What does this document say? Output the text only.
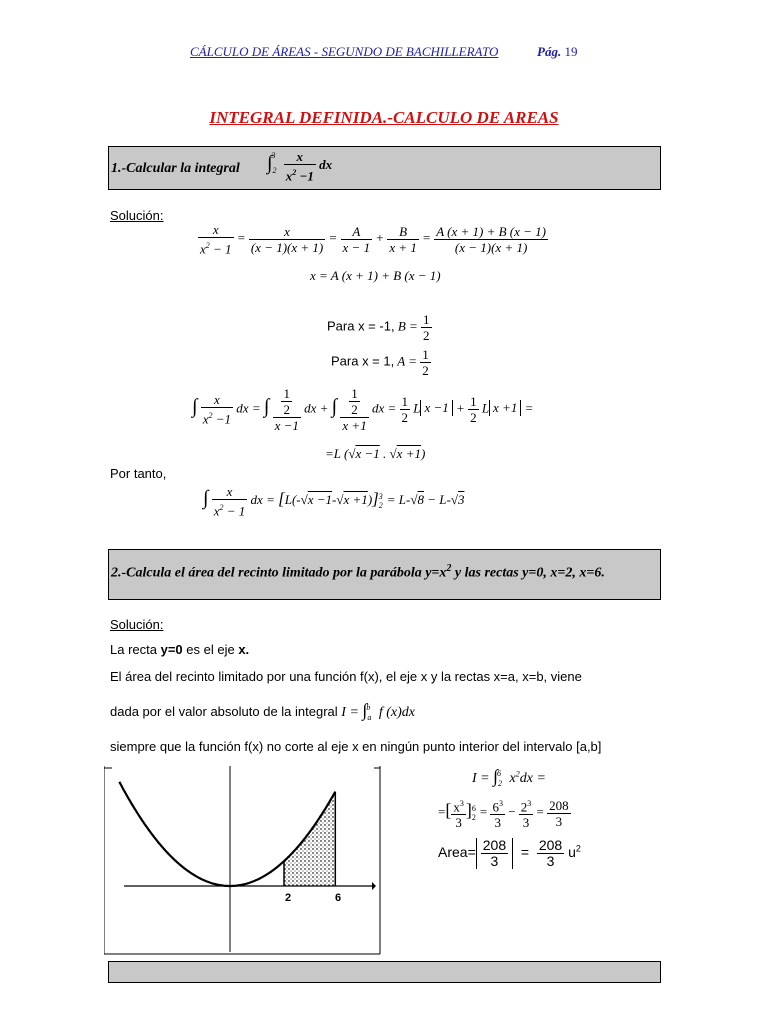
CÁLCULO DE ÁREAS - SEGUNDO DE BACHILLERATO	Pág. 19
INTEGRAL DEFINIDA.-CALCULO DE AREAS
1.-Calcular la integral $\int_2^3 \frac{x}{x^2 -1}$ dx
Solución:
$\frac{x}{x^2 - 1} = \frac{x}{(x - 1)(x + 1)} = \frac{A}{x - 1} + \frac{B}{x + 1} = \frac{A (x + 1) + B (x - 1)}{(x - 1)(x + 1)}$
x = A (x + 1) + B (x − 1)
Para x = -1, $B = \frac{1}{2}$
Para x = 1, $A = \frac{1}{2}$
∫ $\frac{x}{x^2 -1}$ dx = ∫ $\frac{\frac{1}{2}}{x -1}$ dx + ∫ $\frac{\frac{1}{2}}{x +1}$ dx = $\frac{1}{2}$ L $x -1 + \frac{1}{2}$ L x +1 =
=L (√x −1 . √x +1)
Por tanto,
∫ $\frac{x}{x^2 - 1}$ dx = $[L(-√x -1-√x +1)]^3_2 = L-√8 - L-√3$
2.-Calcula el área del recinto limitado por la parábola $y=x^2$ y las rectas y=0, x=2, x=6.
Solución:
La recta y=0 es el eje x.
El área del recinto limitado por una función f(x), el eje x y la rectas x=a, x=b, viene
dada por el valor absoluto de la integral $I = \int_a^b$ f (x)dx
siempre que la función f(x) no corte al eje x en ningún punto interior del intervalo [a,b]
2	6
$I = \int_2^6$ $x^2dx$ =
=[ $\frac{x^3}{3} ]^6_2 = \frac{6^3}{3} - \frac{2^3}{3} = \frac{208}{3}$
Area= $\frac{208}{3} = \frac{208}{3} u^2$
